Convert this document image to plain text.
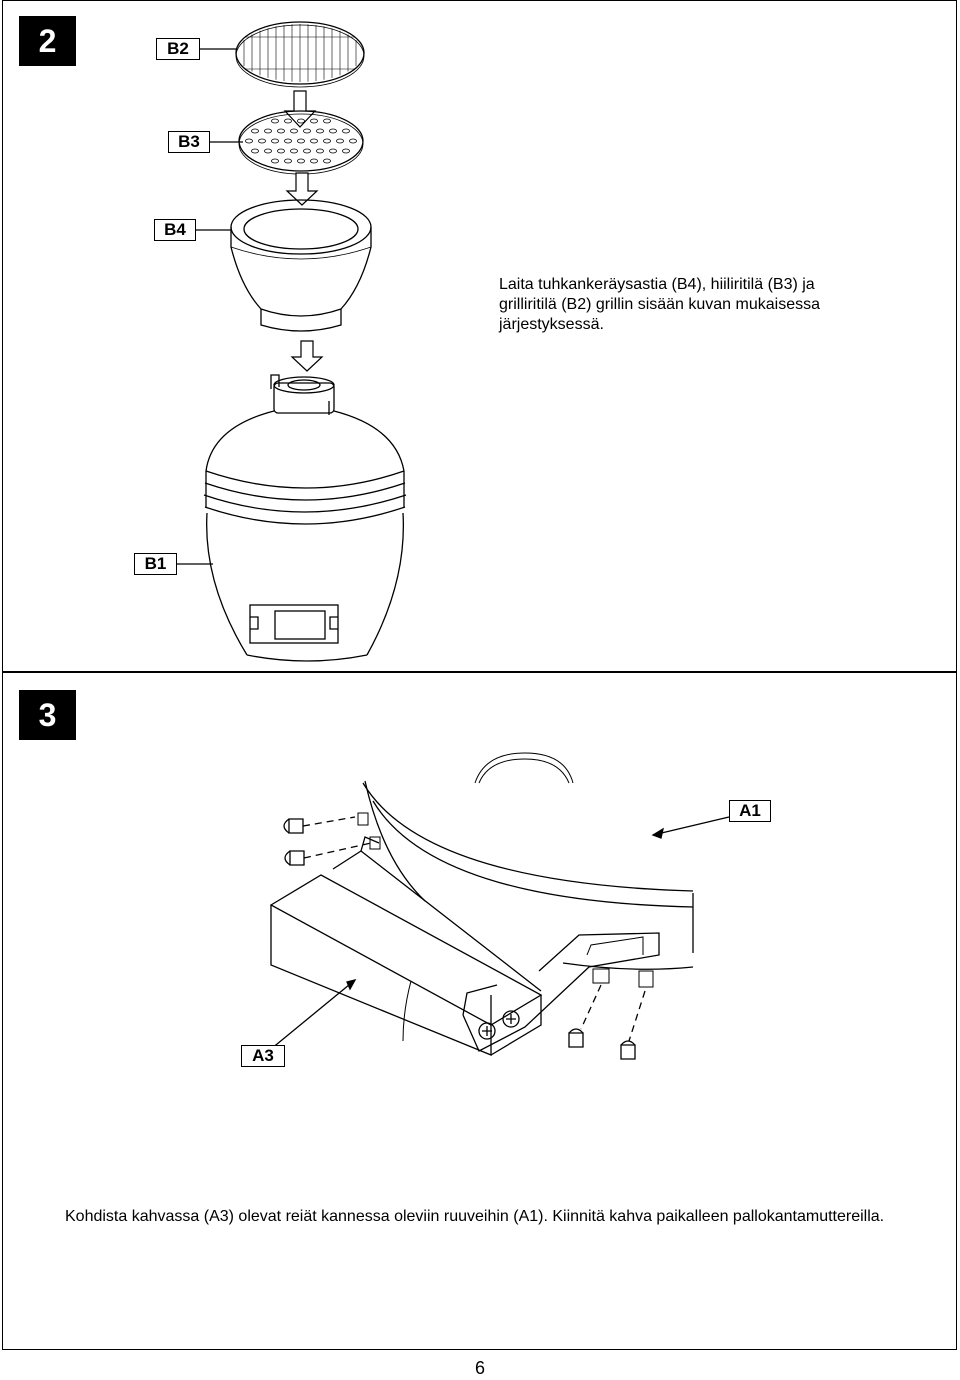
2	B2
B3
B4
B1
Laita tuhkankeräysastia (B4), hiiliritilä (B3) ja grilliritilä (B2) grillin sisään kuvan mukaisessa järjestyksessä.
3
A1
A3
Kohdista kahvassa (A3) olevat reiät kannessa oleviin ruuveihin (A1). Kiinnitä kahva paikalleen pallokantamuttereilla.
6
